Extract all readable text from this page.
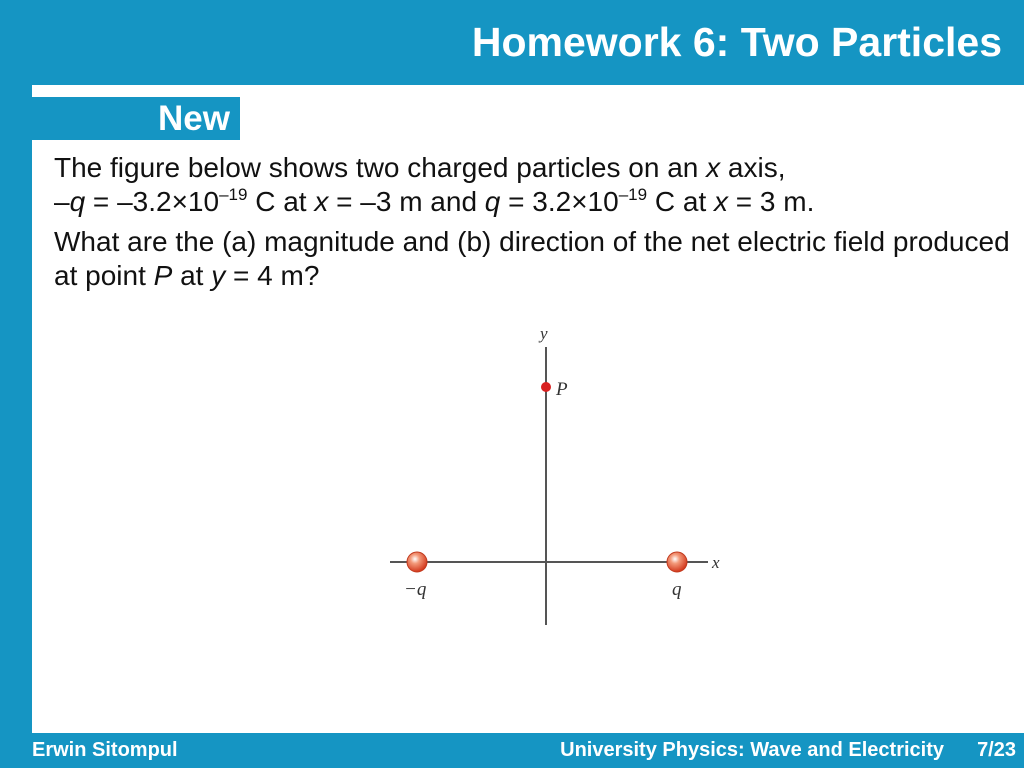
Homework 6: Two Particles
New

The figure below shows two charged particles on an x axis,
$-q = -3.2\times 10^{-19}$ C at x = –3 m and $q = 3.2\times 10^{-19}$ C at x = 3 m.

What are the (a) magnitude and (b) direction of the net electric field produced at point P at y = 4 m?

y
x
P
−q	q
Erwin Sitompul	University Physics: Wave and Electricity 7/23
